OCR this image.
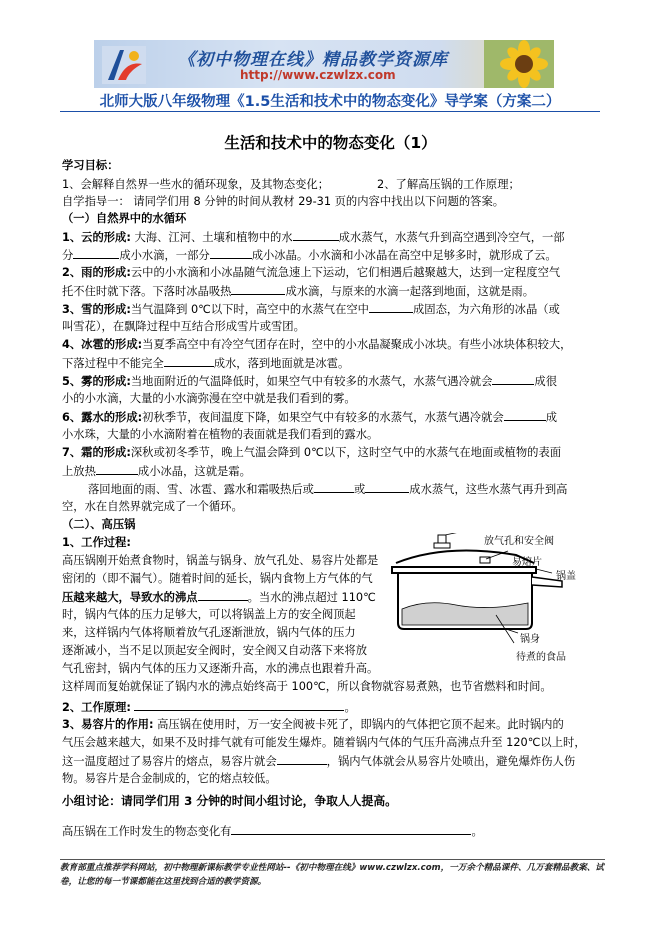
《初中物理在线》精品教学资源库
http://www.czwlzx.com
北师大版八年级物理《1.5生活和技术中的物态变化》导学案（方案二）
生活和技术中的物态变化（1）
学习目标：
1、会解释自然界一些水的循环现象，及其物态变化；	2、了解高压锅的工作原理；
自学指导一： 请同学们用 8 分钟的时间从教材 29-31 页的内容中找出以下问题的答案。
（一）自然界中的水循环
1、云的形成: 大海、江河、土壤和植物中的水	成水蒸气，水蒸气升到高空遇到冷空气，一部
分	成小水滴，一部分	成小冰晶。小水滴和小冰晶在高空中足够多时，就形成了云。
2、雨的形成:云中的小水滴和小冰晶随气流急速上下运动，它们相遇后越聚越大，达到一定程度空气
托不住时就下落。下落时冰晶吸热	成水滴，与原来的水滴一起落到地面，这就是雨。
3、雪的形成:当气温降到 0℃以下时，高空中的水蒸气在空中	成固态，为六角形的冰晶（或
叫雪花），在飘降过程中互结合形成雪片或雪团。
4、冰雹的形成:当夏季高空中有冷空气团存在时，空中的小水晶凝聚成小冰块。有些小冰块体积较大，
下落过程中不能完全	成水，落到地面就是冰雹。
5、雾的形成:当地面附近的气温降低时，如果空气中有较多的水蒸气，水蒸气遇冷就会	成很
小的小水滴，大量的小水滴弥漫在空中就是我们看到的雾。
6、露水的形成:初秋季节，夜间温度下降，如果空气中有较多的水蒸气，水蒸气遇冷就会	成
小水珠，大量的小水滴附着在植物的表面就是我们看到的露水。
7、霜的形成:深秋或初冬季节，晚上气温会降到 0℃以下，这时空气中的水蒸气在地面或植物的表面
上放热	成小冰晶，这就是霜。
落回地面的雨、雪、冰雹、露水和霜吸热后或	或	成水蒸气，这些水蒸气再升到高
空，水在自然界就完成了一个循环。
（二）、高压锅
1、工作过程:
高压锅刚开始煮食物时，锅盖与锅身、放气孔处、易容片处都是
密闭的（即不漏气）。随着时间的延长，锅内食物上方气体的气
压越来越大，导致水的沸点	。当水的沸点超过 110℃
时，锅内气体的压力足够大，可以将锅盖上方的安全阀顶起
来，这样锅内气体将顺着放气孔逐渐泄放，锅内气体的压力
逐渐减小，当不足以顶起安全阀时，安全阀又自动落下来将放
气孔密封，锅内气体的压力又逐渐升高，水的沸点也跟着升高。
这样周而复始就保证了锅内水的沸点始终高于 100℃，所以食物就容易煮熟，也节省燃料和时间。
放气孔和安全阀
易熔片
锅盖
锅身
待煮的食品
2、工作原理:	。
3、易容片的作用: 高压锅在使用时，万一安全阀被卡死了，即锅内的气体把它顶不起来。此时锅内的
气压会越来越大，如果不及时排气就有可能发生爆炸。随着锅内气体的气压升高沸点升至 120℃以上时，
这一温度超过了易容片的熔点，易容片就会	，锅内气体就会从易容片处喷出，避免爆炸伤人伤
物。易容片是合金制成的，它的熔点较低。
小组讨论：请同学们用 3 分钟的时间小组讨论，争取人人提高。
高压锅在工作时发生的物态变化有	。
教育部重点推荐学科网站，初中物理新课标教学专业性网站--《初中物理在线》www.czwlzx.com，一万余个精品课件、几万套精品教案、试卷，让您的每一节课都能在这里找到合适的教学资源。
